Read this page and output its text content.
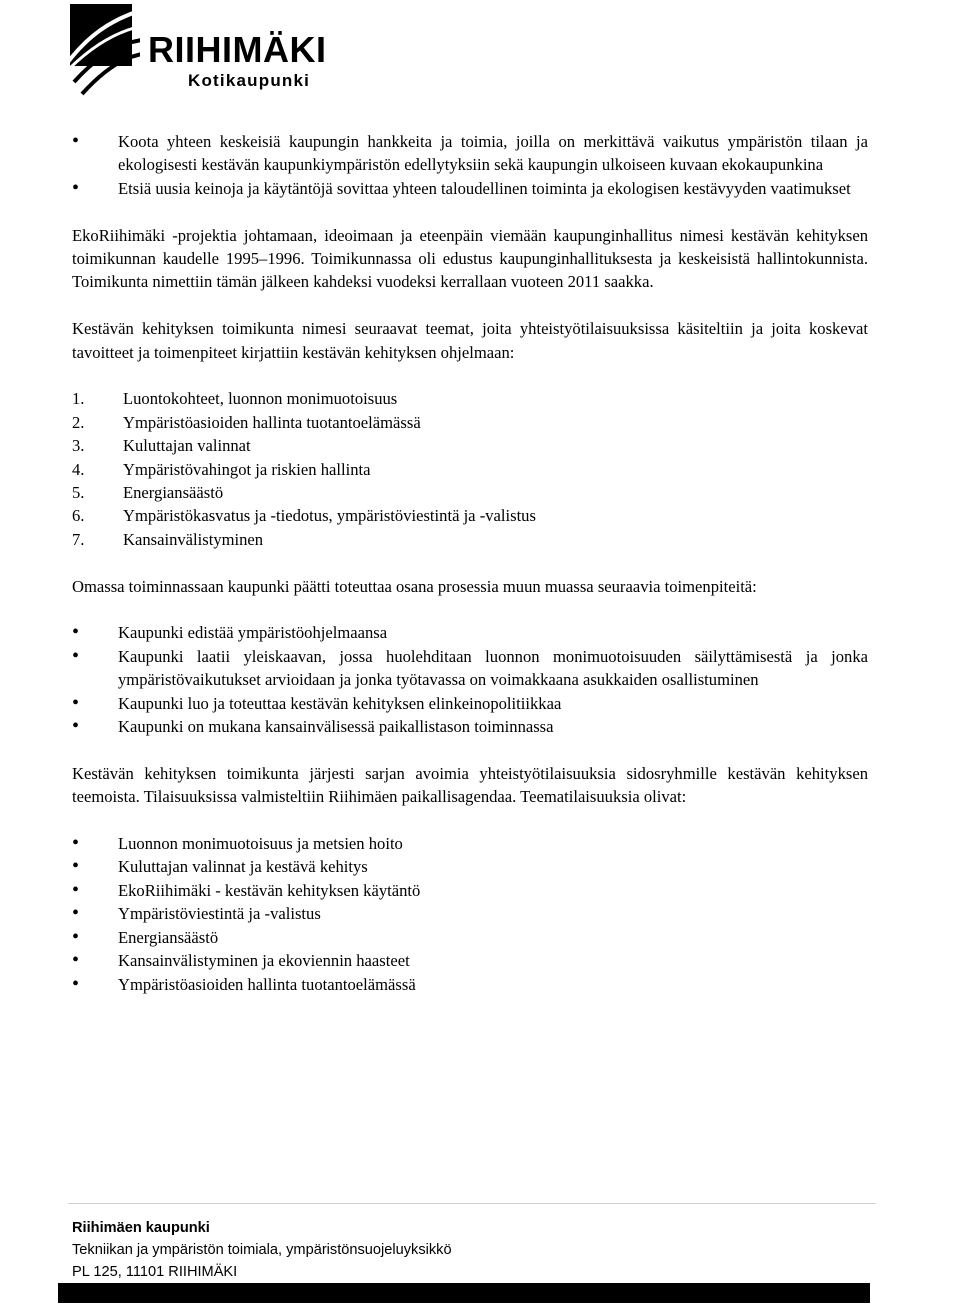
RIIHIMÄKI
Kotikaupunki
• Koota yhteen keskeisiä kaupungin hankkeita ja toimia, joilla on merkittävä vaikutus ympäristön tilaan ja ekologisesti kestävän kaupunkiympäristön edellytyksiin sekä kaupungin ulkoiseen kuvaan ekokaupunkina
• Etsiä uusia keinoja ja käytäntöjä sovittaa yhteen taloudellinen toiminta ja ekologisen kestävyyden vaatimukset

EkoRiihimäki -projektia johtamaan, ideoimaan ja eteenpäin viemään kaupunginhallitus nimesi kestävän kehityksen toimikunnan kaudelle 1995–1996. Toimikunnassa oli edustus kaupunginhallituksesta ja keskeisistä hallintokunnista. Toimikunta nimettiin tämän jälkeen kahdeksi vuodeksi kerrallaan vuoteen 2011 saakka.

Kestävän kehityksen toimikunta nimesi seuraavat teemat, joita yhteistyötilaisuuksissa käsiteltiin ja joita koskevat tavoitteet ja toimenpiteet kirjattiin kestävän kehityksen ohjelmaan:

1. Luontokohteet, luonnon monimuotoisuus
2. Ympäristöasioiden hallinta tuotantoelämässä
3. Kuluttajan valinnat
4. Ympäristövahingot ja riskien hallinta
5. Energiansäästö
6. Ympäristökasvatus ja -tiedotus, ympäristöviestintä ja -valistus
7. Kansainvälistyminen

Omassa toiminnassaan kaupunki päätti toteuttaa osana prosessia muun muassa seuraavia toimenpiteitä:

• Kaupunki edistää ympäristöohjelmaansa
• Kaupunki laatii yleiskaavan, jossa huolehditaan luonnon monimuotoisuuden säilyttämisestä ja jonka ympäristövaikutukset arvioidaan ja jonka työtavassa on voimakkaana asukkaiden osallistuminen
• Kaupunki luo ja toteuttaa kestävän kehityksen elinkeinopolitiikkaa
• Kaupunki on mukana kansainvälisessä paikallistason toiminnassa

Kestävän kehityksen toimikunta järjesti sarjan avoimia yhteistyötilaisuuksia sidosryhmille kestävän kehityksen teemoista. Tilaisuuksissa valmisteltiin Riihimäen paikallisagendaa. Teematilaisuuksia olivat:

• Luonnon monimuotoisuus ja metsien hoito
• Kuluttajan valinnat ja kestävä kehitys
• EkoRiihimäki - kestävän kehityksen käytäntö
• Ympäristöviestintä ja -valistus
• Energiansäästö
• Kansainvälistyminen ja ekoviennin haasteet
• Ympäristöasioiden hallinta tuotantoelämässä
Riihimäen kaupunki
Tekniikan ja ympäristön toimiala, ympäristönsuojeluyksikkö
PL 125, 11101 RIIHIMÄKI
